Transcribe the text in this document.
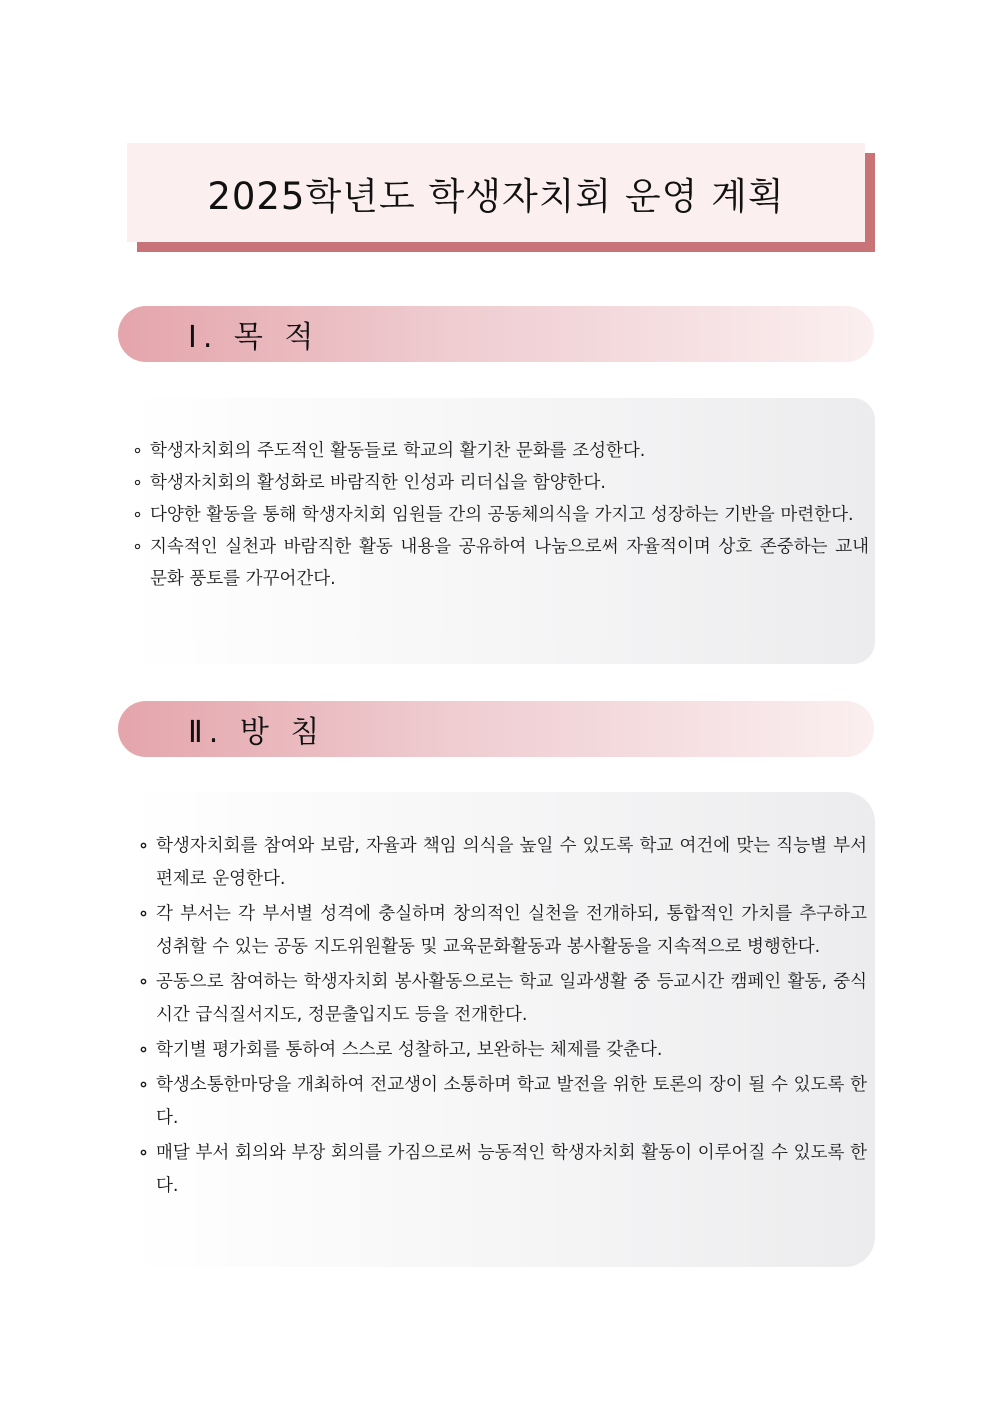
2025학년도 학생자치회 운영 계획
Ⅰ. 목 적
∘ 학생자치회의 주도적인 활동들로 학교의 활기찬 문화를 조성한다.
∘ 학생자치회의 활성화로 바람직한 인성과 리더십을 함양한다.
∘ 다양한 활동을 통해 학생자치회 임원들 간의 공동체의식을 가지고 성장하는 기반을 마련한다.
∘ 지속적인 실천과 바람직한 활동 내용을 공유하여 나눔으로써 자율적이며 상호 존중하는 교내 문화 풍토를 가꾸어간다.
Ⅱ. 방 침
∘ 학생자치회를 참여와 보람, 자율과 책임 의식을 높일 수 있도록 학교 여건에 맞는 직능별 부서 편제로 운영한다.
∘ 각 부서는 각 부서별 성격에 충실하며 창의적인 실천을 전개하되, 통합적인 가치를 추구하고 성취할 수 있는 공동 지도위원활동 및 교육문화활동과 봉사활동을 지속적으로 병행한다.
∘ 공동으로 참여하는 학생자치회 봉사활동으로는 학교 일과생활 중 등교시간 캠페인 활동, 중식시간 급식질서지도, 정문출입지도 등을 전개한다.
∘ 학기별 평가회를 통하여 스스로 성찰하고, 보완하는 체제를 갖춘다.
∘ 학생소통한마당을 개최하여 전교생이 소통하며 학교 발전을 위한 토론의 장이 될 수 있도록 한다.
∘ 매달 부서 회의와 부장 회의를 가짐으로써 능동적인 학생자치회 활동이 이루어질 수 있도록 한다.
